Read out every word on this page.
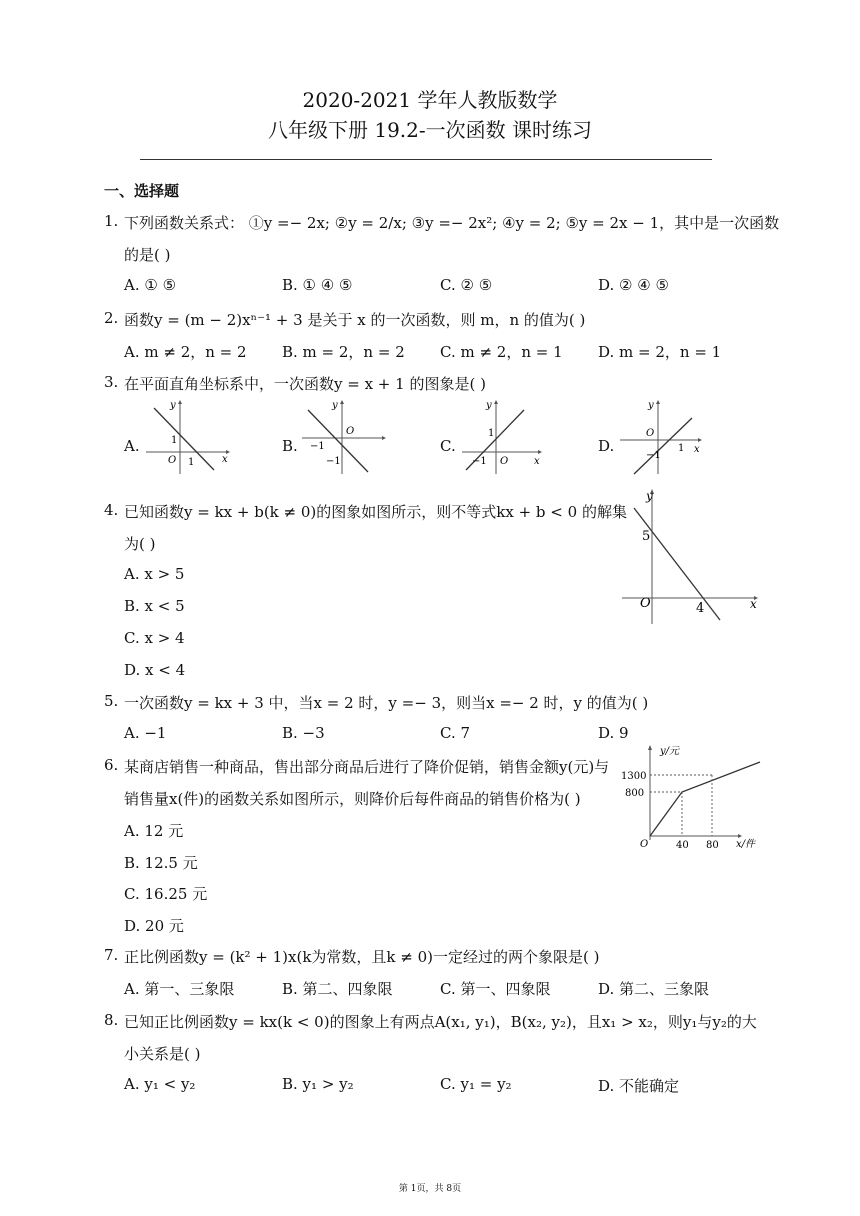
2020-2021 学年人教版数学
八年级下册 19.2-一次函数 课时练习
一、选择题
1. 下列函数关系式： ①y =− 2x; ②y = 2/x; ③y =− 2x²; ④y = 2; ⑤y = 2x − 1，其中是一次函数
的是( )
A. ① ⑤	B. ① ④ ⑤	C. ② ⑤	D. ② ④ ⑤
2. 函数y = (m − 2)xⁿ⁻¹ + 3 是关于 x 的一次函数，则 m，n 的值为( )
A. m ≠ 2，n = 2 B. m = 2，n = 2 C. m ≠ 2，n = 1 D. m = 2，n = 1
3. 在平面直角坐标系中，一次函数y = x + 1 的图象是( )
A.	B.	C.	D.
y
x
O
1
1
y
O
−1
−1
y
x
O
1
−1
y
x
O
−1
1
4. 已知函数y = kx + b(k ≠ 0)的图象如图所示，则不等式kx + b < 0 的解集
为( )
A. x > 5
B. x < 5
C. x > 4
D. x < 4
y
x
O
5
4
5. 一次函数y = kx + 3 中，当x = 2 时，y =− 3，则当x =− 2 时，y 的值为( )
A. −1	B. −3	C. 7	D. 9
6. 某商店销售一种商品，售出部分商品后进行了降价促销，销售金额y(元)与
销售量x(件)的函数关系如图所示，则降价后每件商品的销售价格为( )
A. 12 元
B. 12.5 元
C. 16.25 元
D. 20 元
y/元
x/件
O
1300
800
40 80
7. 正比例函数y = (k² + 1)x(k为常数，且k ≠ 0)一定经过的两个象限是( )
A. 第一、三象限	B. 第二、四象限	C. 第一、四象限	D. 第二、三象限
8. 已知正比例函数y = kx(k < 0)的图象上有两点A(x₁, y₁)，B(x₂, y₂)，且x₁ > x₂，则y₁与y₂的大
小关系是( )
A. y₁ < y₂	B. y₁ > y₂	C. y₁ = y₂	D. 不能确定
第 1页，共 8页
